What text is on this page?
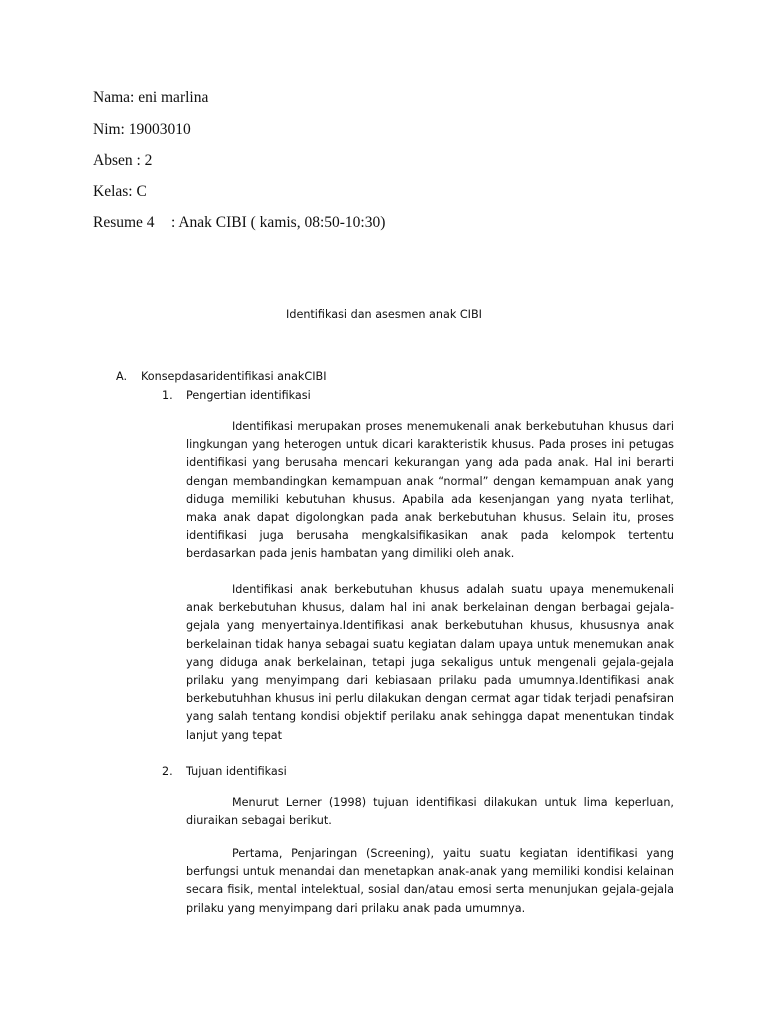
Nama: eni marlina
Nim: 19003010
Absen : 2
Kelas: C
Resume 4 : Anak CIBI ( kamis, 08:50-10:30)
Identifikasi dan asesmen anak CIBI
A. Konsepdasaridentifikasi anakCIBI
1. Pengertian identifikasi

Identifikasi merupakan proses menemukenali anak berkebutuhan khusus dari lingkungan yang heterogen untuk dicari karakteristik khusus. Pada proses ini petugas identifikasi yang berusaha mencari kekurangan yang ada pada anak. Hal ini berarti dengan membandingkan kemampuan anak “normal” dengan kemampuan anak yang diduga memiliki kebutuhan khusus. Apabila ada kesenjangan yang nyata terlihat, maka anak dapat digolongkan pada anak berkebutuhan khusus. Selain itu, proses identifikasi juga berusaha mengkalsifikasikan anak pada kelompok tertentu berdasarkan pada jenis hambatan yang dimiliki oleh anak.

Identifikasi anak berkebutuhan khusus adalah suatu upaya menemukenali anak berkebutuhan khusus, dalam hal ini anak berkelainan dengan berbagai gejala-gejala yang menyertainya.Identifikasi anak berkebutuhan khusus, khususnya anak berkelainan tidak hanya sebagai suatu kegiatan dalam upaya untuk menemukan anak yang diduga anak berkelainan, tetapi juga sekaligus untuk mengenali gejala-gejala prilaku yang menyimpang dari kebiasaan prilaku pada umumnya.Identifikasi anak berkebutuhhan khusus ini perlu dilakukan dengan cermat agar tidak terjadi penafsiran yang salah tentang kondisi objektif perilaku anak sehingga dapat menentukan tindak lanjut yang tepat

2. Tujuan identifikasi

Menurut Lerner (1998) tujuan identifikasi dilakukan untuk lima keperluan, diuraikan sebagai berikut.

Pertama, Penjaringan (Screening), yaitu suatu kegiatan identifikasi yang berfungsi untuk menandai dan menetapkan anak-anak yang memiliki kondisi kelainan secara fisik, mental intelektual, sosial dan/atau emosi serta menunjukan gejala-gejala prilaku yang menyimpang dari prilaku anak pada umumnya.
